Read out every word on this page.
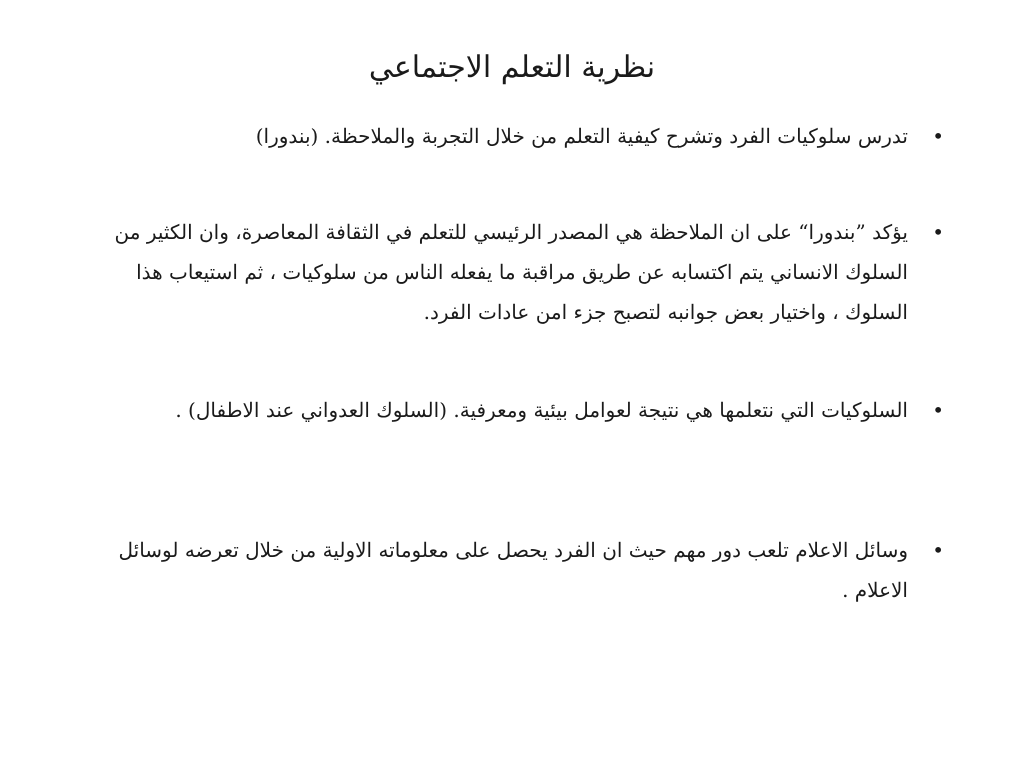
نظرية التعلم الاجتماعي
•
تدرس سلوكيات الفرد وتشرح كيفية التعلم من خلال التجربة والملاحظة. (بندورا)
•
يؤكد ”بندورا“ على ان الملاحظة هي المصدر الرئيسي للتعلم في الثقافة المعاصرة، وان الكثير من السلوك الانساني يتم اكتسابه عن طريق مراقبة ما يفعله الناس من سلوكيات ، ثم استيعاب هذا السلوك ، واختيار بعض جوانبه لتصبح جزء امن عادات الفرد.
•
السلوكيات التي نتعلمها هي نتيجة لعوامل بيئية ومعرفية. (السلوك العدواني عند الاطفال) .
•
وسائل الاعلام تلعب دور مهم حيث ان الفرد يحصل على معلوماته الاولية من خلال تعرضه لوسائل الاعلام .
